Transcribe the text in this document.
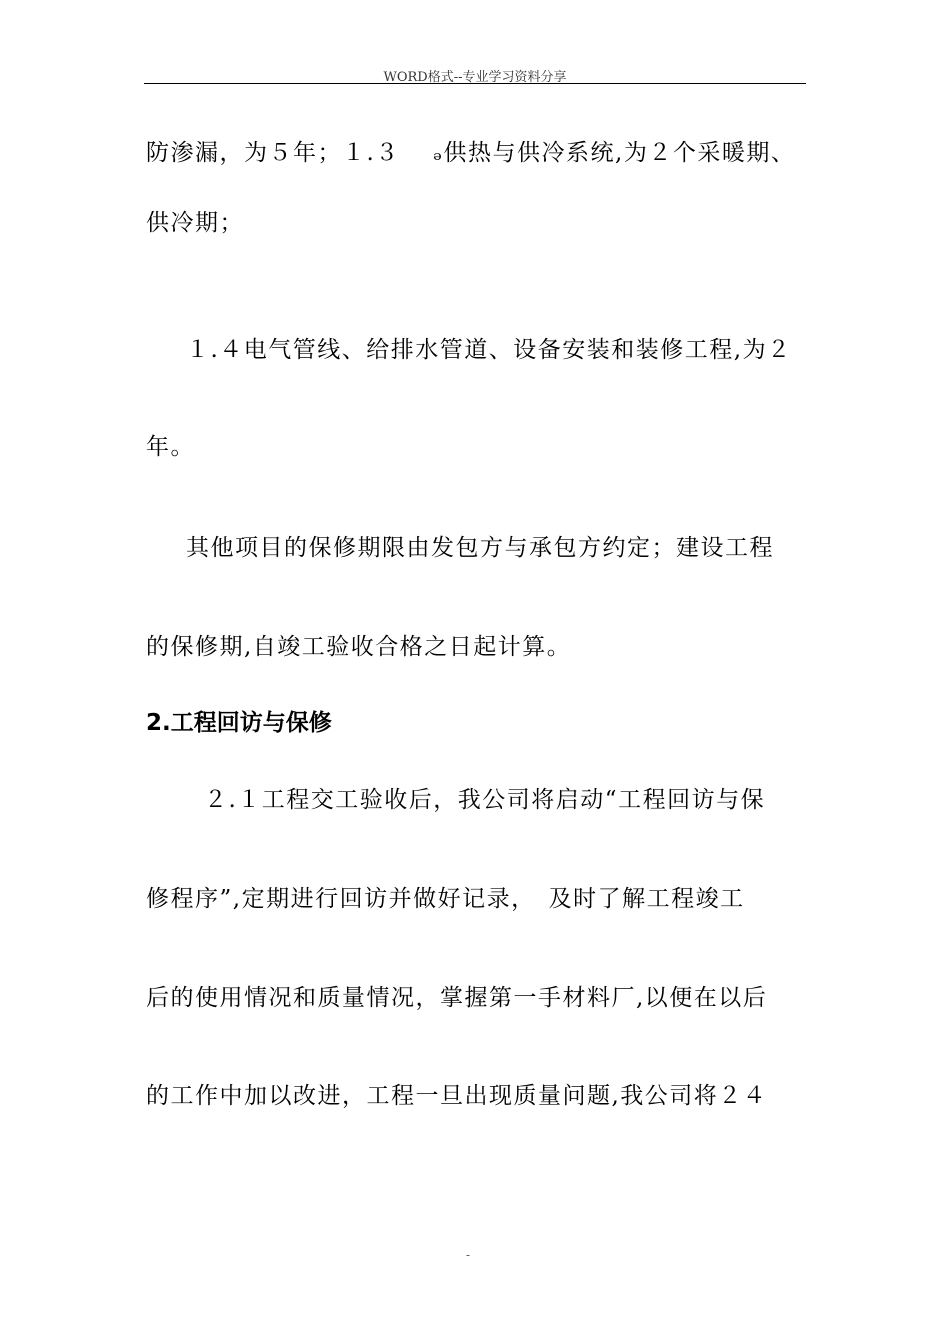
WORD格式--专业学习资料分享
防渗漏，为５年；１.３　 ₔ供热与供冷系统,为２个采暖期、
供冷期；
１.４电气管线、给排水管道、设备安装和装修工程,为２
年。
其他项目的保修期限由发包方与承包方约定；建设工程
的保修期,自竣工验收合格之日起计算。
2.工程回访与保修
２.１工程交工验收后，我公司将启动“工程回访与保
修程序”,定期进行回访并做好记录，　及时了解工程竣工
后的使用情况和质量情况，掌握第一手材料厂,以便在以后
的工作中加以改进，工程一旦出现质量问题,我公司将２４
-
